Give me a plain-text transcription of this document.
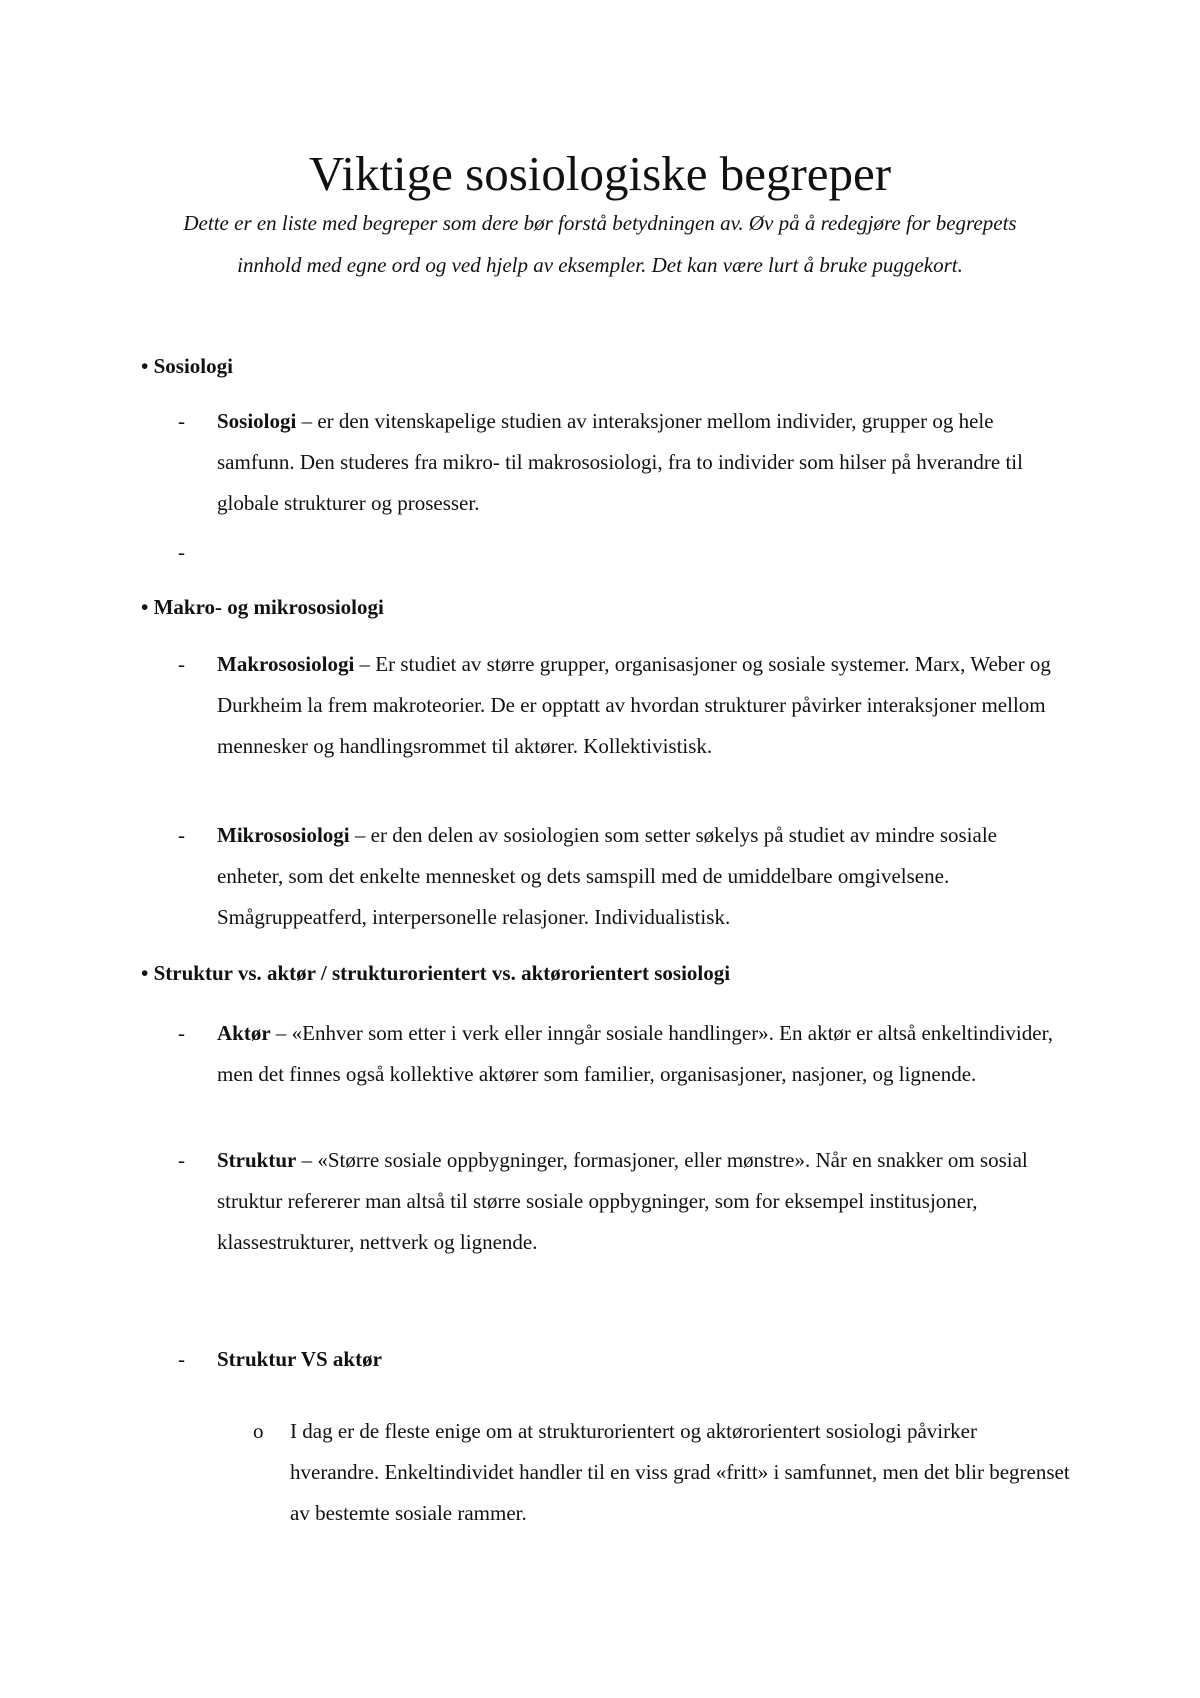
Viktige sosiologiske begreper

Dette er en liste med begreper som dere bør forstå betydningen av. Øv på å redegjøre for begrepets innhold med egne ord og ved hjelp av eksempler. Det kan være lurt å bruke puggekort.

• Sosiologi

-	Sosiologi – er den vitenskapelige studien av interaksjoner mellom individer, grupper og hele samfunn. Den studeres fra mikro- til makrososiologi, fra to individer som hilser på hverandre til globale strukturer og prosesser.
-

• Makro- og mikrososiologi

-	Makrososiologi – Er studiet av større grupper, organisasjoner og sosiale systemer. Marx, Weber og Durkheim la frem makroteorier. De er opptatt av hvordan strukturer påvirker interaksjoner mellom mennesker og handlingsrommet til aktører. Kollektivistisk.
-	Mikrososiologi – er den delen av sosiologien som setter søkelys på studiet av mindre sosiale enheter, som det enkelte mennesket og dets samspill med de umiddelbare omgivelsene. Smågruppeatferd, interpersonelle relasjoner. Individualistisk.

• Struktur vs. aktør / strukturorientert vs. aktørorientert sosiologi

-	Aktør – «Enhver som etter i verk eller inngår sosiale handlinger». En aktør er altså enkeltindivider, men det finnes også kollektive aktører som familier, organisasjoner, nasjoner, og lignende.
-	Struktur – «Større sosiale oppbygninger, formasjoner, eller mønstre». Når en snakker om sosial struktur refererer man altså til større sosiale oppbygninger, som for eksempel institusjoner, klassestrukturer, nettverk og lignende.
-	Struktur VS aktør
o I dag er de fleste enige om at strukturorientert og aktørorientert sosiologi påvirker hverandre. Enkeltindividet handler til en viss grad «fritt» i samfunnet, men det blir begrenset av bestemte sosiale rammer.
